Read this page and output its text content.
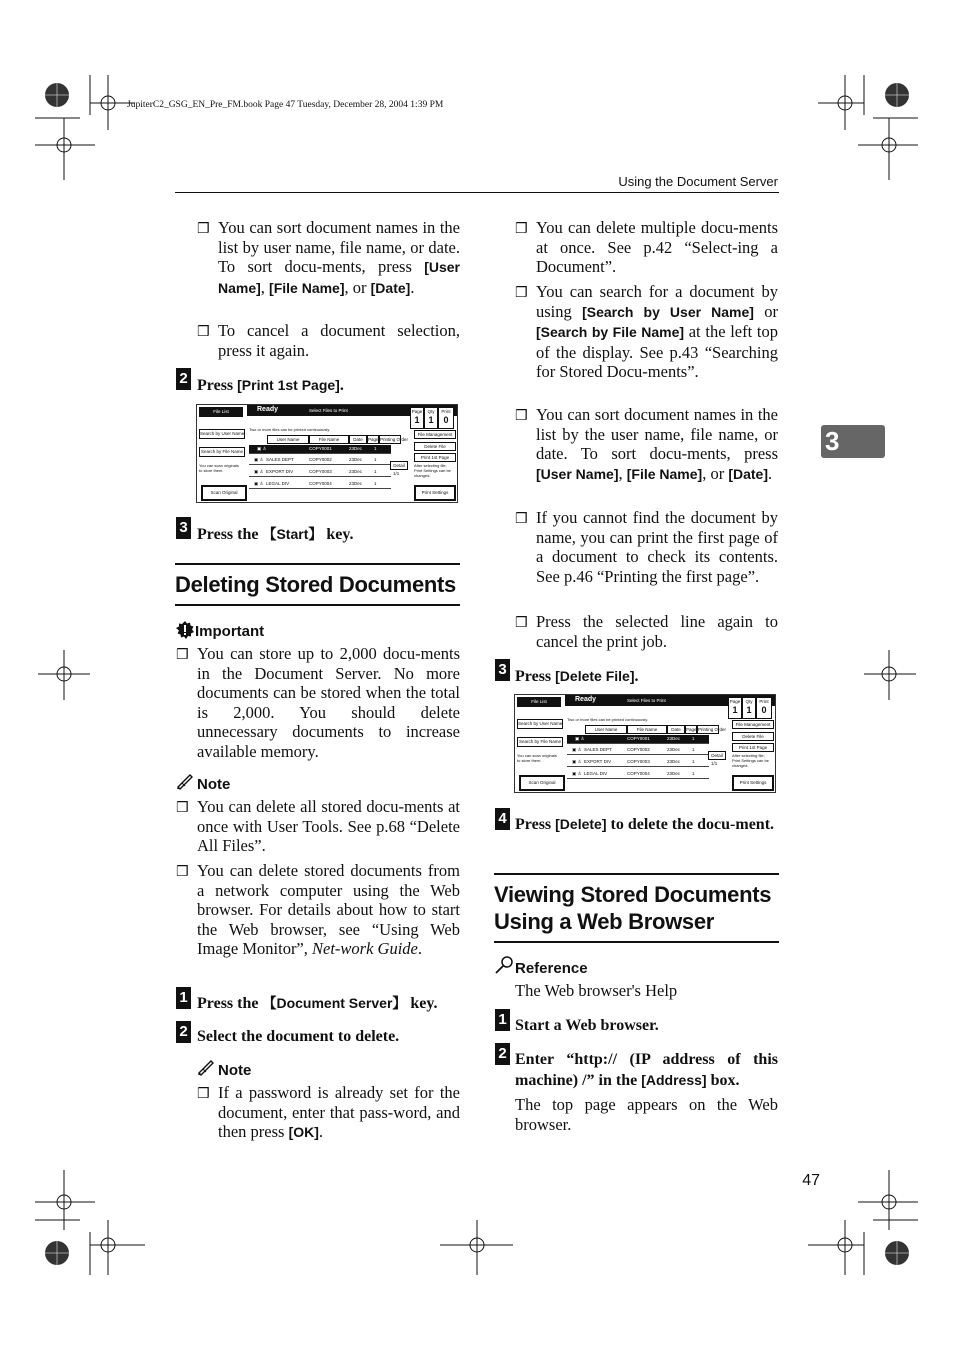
JupiterC2_GSG_EN_Pre_FM.book Page 47 Tuesday, December 28, 2004 1:39 PM
Using the Document Server
3
47
❒ You can sort document names in the list by user name, file name, or date. To sort docu-ments, press [User Name], [File Name], or [Date].
❒ To cancel a document selection, press it again.
2 Press [Print 1st Page].
Ready	Select Files to Print
File List
Search by User Name
Search by File Name
You can scan originals to store them.
Scan Original
Two or more files can be printed continuously.
User Name	File Name	Date	Page Printing Order
▣ ♙	COPY0001	23Dec	1
▣ ♙ SALES DEPT	COPY0002	23Dec	1
▣ ♙ EXPORT DIV	COPY0003	23Dec	1
▣ ♙ LEGAL DIV	COPY0004	23Dec	1
Detail
1/1
Page
1
Qty
1
Print
0
File Management
Delete File
Print 1st Page
After selecting file, Print Settings can be changed.
Print Settings
3 Press the 【Start】 key.
Deleting Stored Documents
Important
❒ You can store up to 2,000 docu-ments in the Document Server. No more documents can be stored when the total is 2,000. You should delete unnecessary documents to increase available memory.
Note
❒ You can delete all stored docu-ments at once with User Tools. See p.68 “Delete All Files”.
❒ You can delete stored documents from a network computer using the Web browser. For details about how to start the Web browser, see “Using Web Image Monitor”, Net-work Guide.
1 Press the 【Document Server】 key.
2 Select the document to delete.
Note
❒ If a password is already set for the document, enter that pass-word, and then press [OK].
❒ You can delete multiple docu-ments at once. See p.42 “Select-ing a Document”.
❒ You can search for a document by using [Search by User Name] or [Search by File Name] at the left top of the display. See p.43 “Searching for Stored Docu-ments”.
❒ You can sort document names in the list by the user name, file name, or date. To sort docu-ments, press [User Name], [File Name], or [Date].
❒ If you cannot find the document by name, you can print the first page of a document to check its contents. See p.46 “Printing the first page”.
❒ Press the selected line again to cancel the print job.
3 Press [Delete File].
Ready	Select Files to Print
File List
Search by User Name
Search by File Name
You can scan originals to store them.
Scan Original
Two or more files can be printed continuously.
User Name	File Name	Date	Page Printing Order
▣ ♙	COPY0001	23Dec	1
▣ ♙ SALES DEPT	COPY0002	23Dec	1
▣ ♙ EXPORT DIV	COPY0003	23Dec	1
▣ ♙ LEGAL DIV	COPY0004	23Dec	1
Detail
1/1
Page
1
Qty
1
Print
0
File Management
Delete File
Print 1st Page
After selecting file, Print Settings can be changed.
Print Settings
4 Press [Delete] to delete the docu-ment.
Viewing Stored Documents Using a Web Browser
Reference
The Web browser's Help
1 Start a Web browser.
2 Enter “http:// (IP address of this machine) /” in the [Address] box.
The top page appears on the Web browser.
